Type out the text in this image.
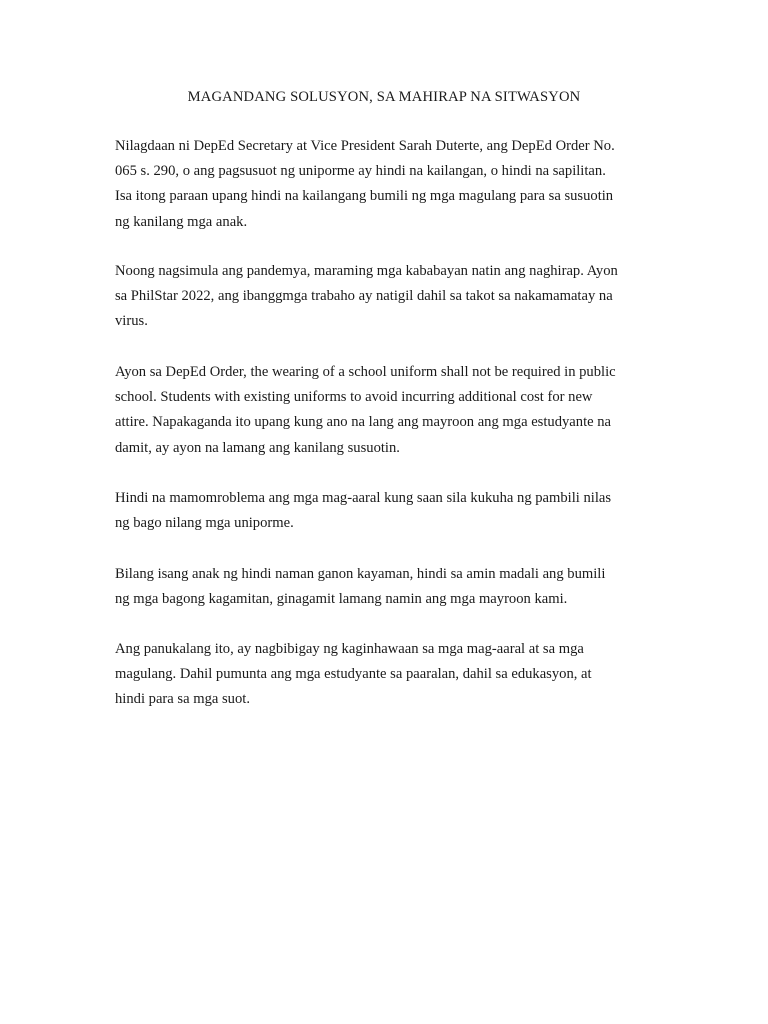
MAGANDANG SOLUSYON, SA MAHIRAP NA SITWASYON

Nilagdaan ni DepEd Secretary at Vice President Sarah Duterte, ang DepEd Order No.
065 s. 290, o ang pagsusuot ng uniporme ay hindi na kailangan, o hindi na sapilitan.
Isa itong paraan upang hindi na kailangang bumili ng mga magulang para sa susuotin
ng kanilang mga anak.

Noong nagsimula ang pandemya, maraming mga kababayan natin ang naghirap. Ayon
sa PhilStar 2022, ang ibanggmga trabaho ay natigil dahil sa takot sa nakamamatay na
virus.

Ayon sa DepEd Order, the wearing of a school uniform shall not be required in public
school. Students with existing uniforms to avoid incurring additional cost for new
attire. Napakaganda ito upang kung ano na lang ang mayroon ang mga estudyante na
damit, ay ayon na lamang ang kanilang susuotin.

Hindi na mamomroblema ang mga mag-aaral kung saan sila kukuha ng pambili nilas
ng bago nilang mga uniporme.

Bilang isang anak ng hindi naman ganon kayaman, hindi sa amin madali ang bumili
ng mga bagong kagamitan, ginagamit lamang namin ang mga mayroon kami.

Ang panukalang ito, ay nagbibigay ng kaginhawaan sa mga mag-aaral at sa mga
magulang. Dahil pumunta ang mga estudyante sa paaralan, dahil sa edukasyon, at
hindi para sa mga suot.
